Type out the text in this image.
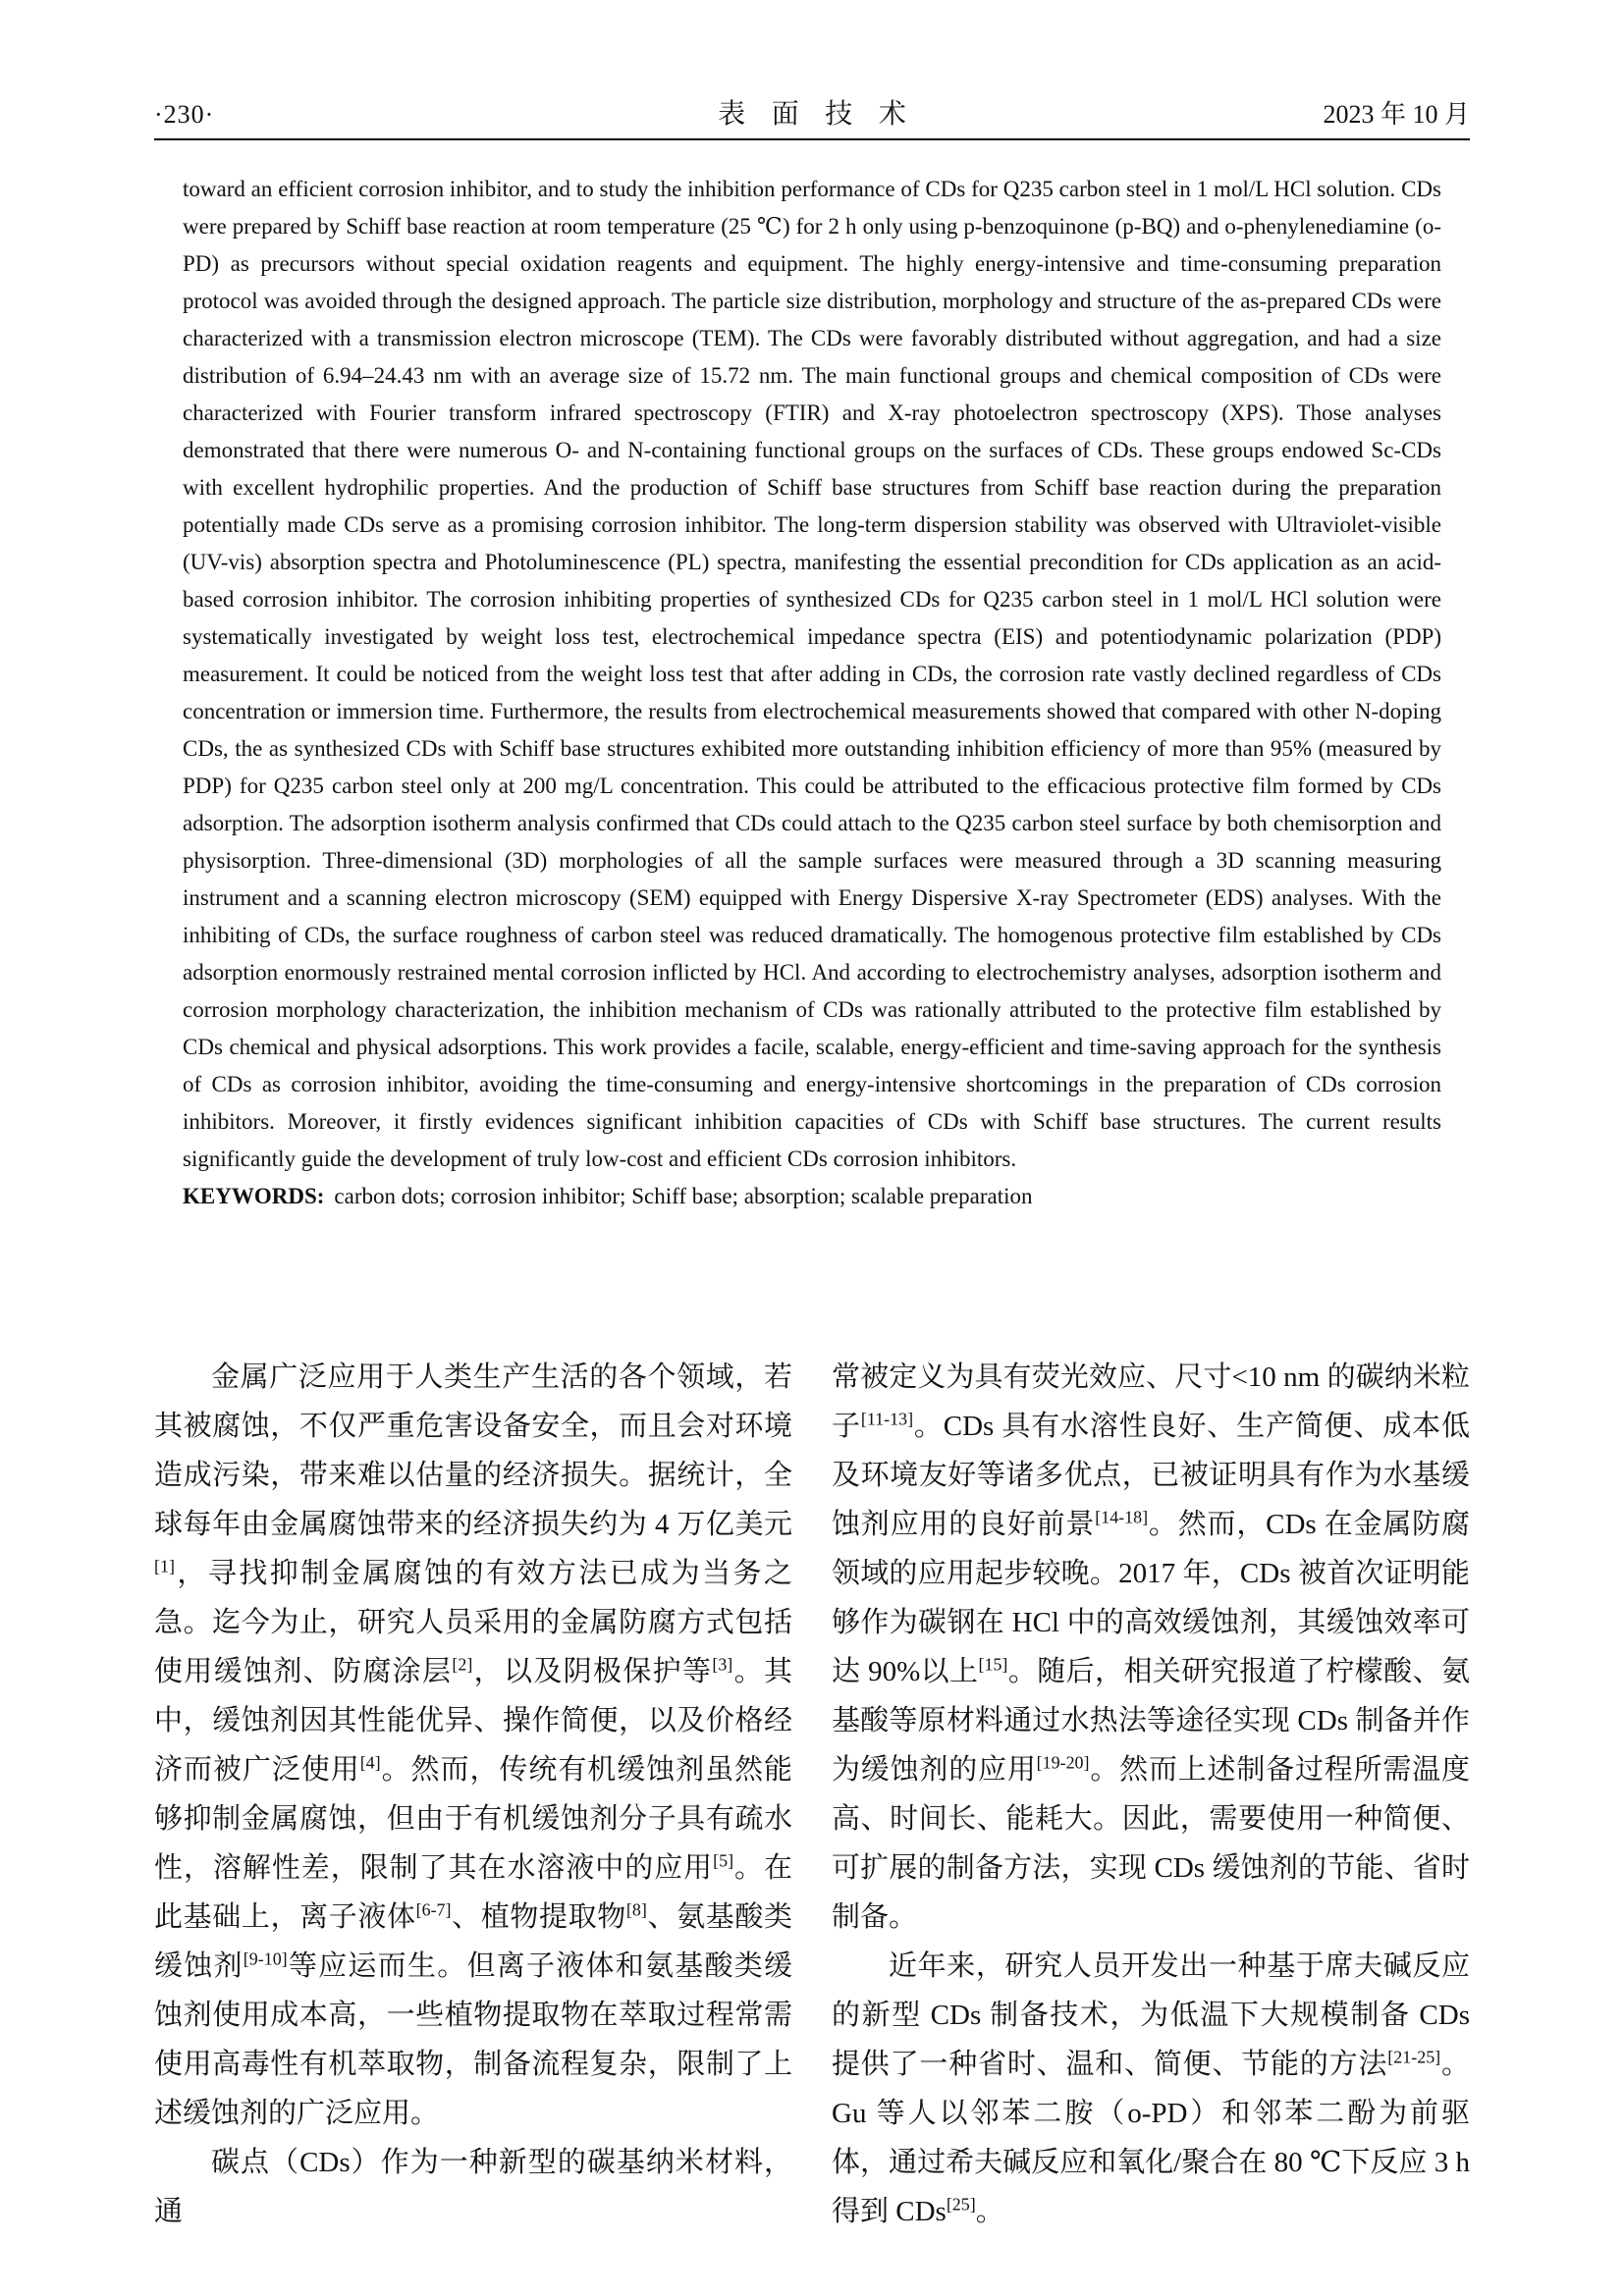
·230·	表面技术	2023 年 10 月

toward an efficient corrosion inhibitor, and to study the inhibition performance of CDs for Q235 carbon steel in 1 mol/L HCl solution. CDs were prepared by Schiff base reaction at room temperature (25 ℃) for 2 h only using p-benzoquinone (p-BQ) and o-phenylenediamine (o-PD) as precursors without special oxidation reagents and equipment. The highly energy-intensive and time-consuming preparation protocol was avoided through the designed approach. The particle size distribution, morphology and structure of the as-prepared CDs were characterized with a transmission electron microscope (TEM). The CDs were favorably distributed without aggregation, and had a size distribution of 6.94–24.43 nm with an average size of 15.72 nm. The main functional groups and chemical composition of CDs were characterized with Fourier transform infrared spectroscopy (FTIR) and X-ray photoelectron spectroscopy (XPS). Those analyses demonstrated that there were numerous O- and N-containing functional groups on the surfaces of CDs. These groups endowed Sc-CDs with excellent hydrophilic properties. And the production of Schiff base structures from Schiff base reaction during the preparation potentially made CDs serve as a promising corrosion inhibitor. The long-term dispersion stability was observed with Ultraviolet-visible (UV-vis) absorption spectra and Photoluminescence (PL) spectra, manifesting the essential precondition for CDs application as an acid-based corrosion inhibitor. The corrosion inhibiting properties of synthesized CDs for Q235 carbon steel in 1 mol/L HCl solution were systematically investigated by weight loss test, electrochemical impedance spectra (EIS) and potentiodynamic polarization (PDP) measurement. It could be noticed from the weight loss test that after adding in CDs, the corrosion rate vastly declined regardless of CDs concentration or immersion time. Furthermore, the results from electrochemical measurements showed that compared with other N-doping CDs, the as synthesized CDs with Schiff base structures exhibited more outstanding inhibition efficiency of more than 95% (measured by PDP) for Q235 carbon steel only at 200 mg/L concentration. This could be attributed to the efficacious protective film formed by CDs adsorption. The adsorption isotherm analysis confirmed that CDs could attach to the Q235 carbon steel surface by both chemisorption and physisorption. Three-dimensional (3D) morphologies of all the sample surfaces were measured through a 3D scanning measuring instrument and a scanning electron microscopy (SEM) equipped with Energy Dispersive X-ray Spectrometer (EDS) analyses. With the inhibiting of CDs, the surface roughness of carbon steel was reduced dramatically. The homogenous protective film established by CDs adsorption enormously restrained mental corrosion inflicted by HCl. And according to electrochemistry analyses, adsorption isotherm and corrosion morphology characterization, the inhibition mechanism of CDs was rationally attributed to the protective film established by CDs chemical and physical adsorptions. This work provides a facile, scalable, energy-efficient and time-saving approach for the synthesis of CDs as corrosion inhibitor, avoiding the time-consuming and energy-intensive shortcomings in the preparation of CDs corrosion inhibitors. Moreover, it firstly evidences significant inhibition capacities of CDs with Schiff base structures. The current results significantly guide the development of truly low-cost and efficient CDs corrosion inhibitors.

KEYWORDS: carbon dots; corrosion inhibitor; Schiff base; absorption; scalable preparation

金属广泛应用于人类生产生活的各个领域，若其被腐蚀，不仅严重危害设备安全，而且会对环境造成污染，带来难以估量的经济损失。据统计，全球每年由金属腐蚀带来的经济损失约为 4 万亿美元[1]，寻找抑制金属腐蚀的有效方法已成为当务之急。迄今为止，研究人员采用的金属防腐方式包括使用缓蚀剂、防腐涂层[2]，以及阴极保护等[3]。其中，缓蚀剂因其性能优异、操作简便，以及价格经济而被广泛使用[4]。然而，传统有机缓蚀剂虽然能够抑制金属腐蚀，但由于有机缓蚀剂分子具有疏水性，溶解性差，限制了其在水溶液中的应用[5]。在此基础上，离子液体[6-7]、植物提取物[8]、氨基酸类缓蚀剂[9-10]等应运而生。但离子液体和氨基酸类缓蚀剂使用成本高，一些植物提取物在萃取过程常需使用高毒性有机萃取物，制备流程复杂，限制了上述缓蚀剂的广泛应用。

碳点（CDs）作为一种新型的碳基纳米材料，通

常被定义为具有荧光效应、尺寸<10 nm 的碳纳米粒子[11-13]。CDs 具有水溶性良好、生产简便、成本低及环境友好等诸多优点，已被证明具有作为水基缓蚀剂应用的良好前景[14-18]。然而，CDs 在金属防腐领域的应用起步较晚。2017 年，CDs 被首次证明能够作为碳钢在 HCl 中的高效缓蚀剂，其缓蚀效率可达 90%以上[15]。随后，相关研究报道了柠檬酸、氨基酸等原材料通过水热法等途径实现 CDs 制备并作为缓蚀剂的应用[19-20]。然而上述制备过程所需温度高、时间长、能耗大。因此，需要使用一种简便、可扩展的制备方法，实现 CDs 缓蚀剂的节能、省时制备。

近年来，研究人员开发出一种基于席夫碱反应的新型 CDs 制备技术，为低温下大规模制备 CDs 提供了一种省时、温和、简便、节能的方法[21-25]。Gu 等人以邻苯二胺（o-PD）和邻苯二酚为前驱体，通过希夫碱反应和氧化/聚合在 80 ℃下反应 3 h 得到 CDs[25]。
